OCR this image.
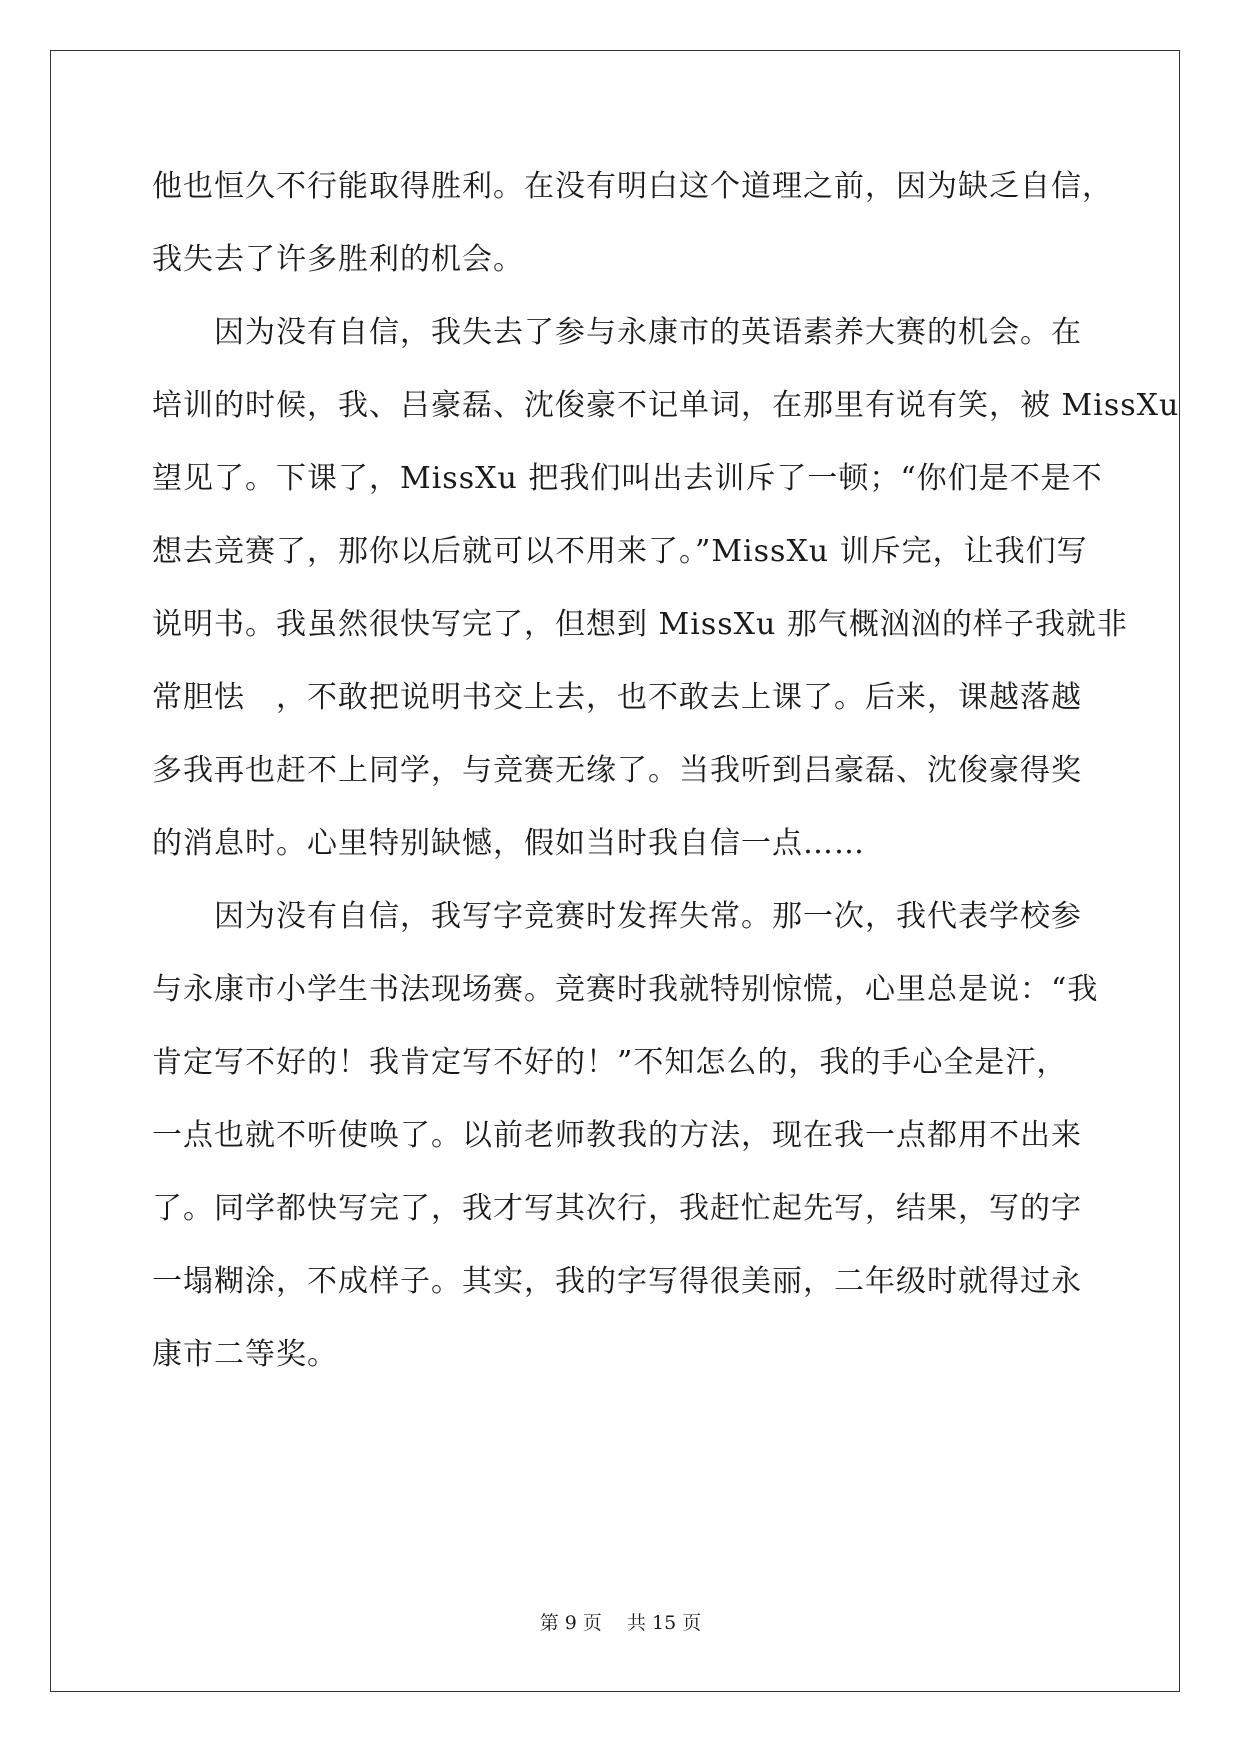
他也恒久不行能取得胜利。在没有明白这个道理之前，因为缺乏自信，
我失去了许多胜利的机会。
因为没有自信，我失去了参与永康市的英语素养大赛的机会。在
培训的时候，我、吕豪磊、沈俊豪不记单词，在那里有说有笑，被 MissXu
望见了。下课了，MissXu 把我们叫出去训斥了一顿；“你们是不是不
想去竞赛了，那你以后就可以不用来了。”MissXu 训斥完，让我们写
说明书。我虽然很快写完了，但想到 MissXu 那气概汹汹的样子我就非
常胆怯　，不敢把说明书交上去，也不敢去上课了。后来，课越落越
多我再也赶不上同学，与竞赛无缘了。当我听到吕豪磊、沈俊豪得奖
的消息时。心里特别缺憾，假如当时我自信一点……
因为没有自信，我写字竞赛时发挥失常。那一次，我代表学校参
与永康市小学生书法现场赛。竞赛时我就特别惊慌，心里总是说：“我
肯定写不好的！我肯定写不好的！”不知怎么的，我的手心全是汗，
一点也就不听使唤了。以前老师教我的方法，现在我一点都用不出来
了。同学都快写完了，我才写其次行，我赶忙起先写，结果，写的字
一塌糊涂，不成样子。其实，我的字写得很美丽，二年级时就得过永
康市二等奖。
第 9 页　 共 15 页
